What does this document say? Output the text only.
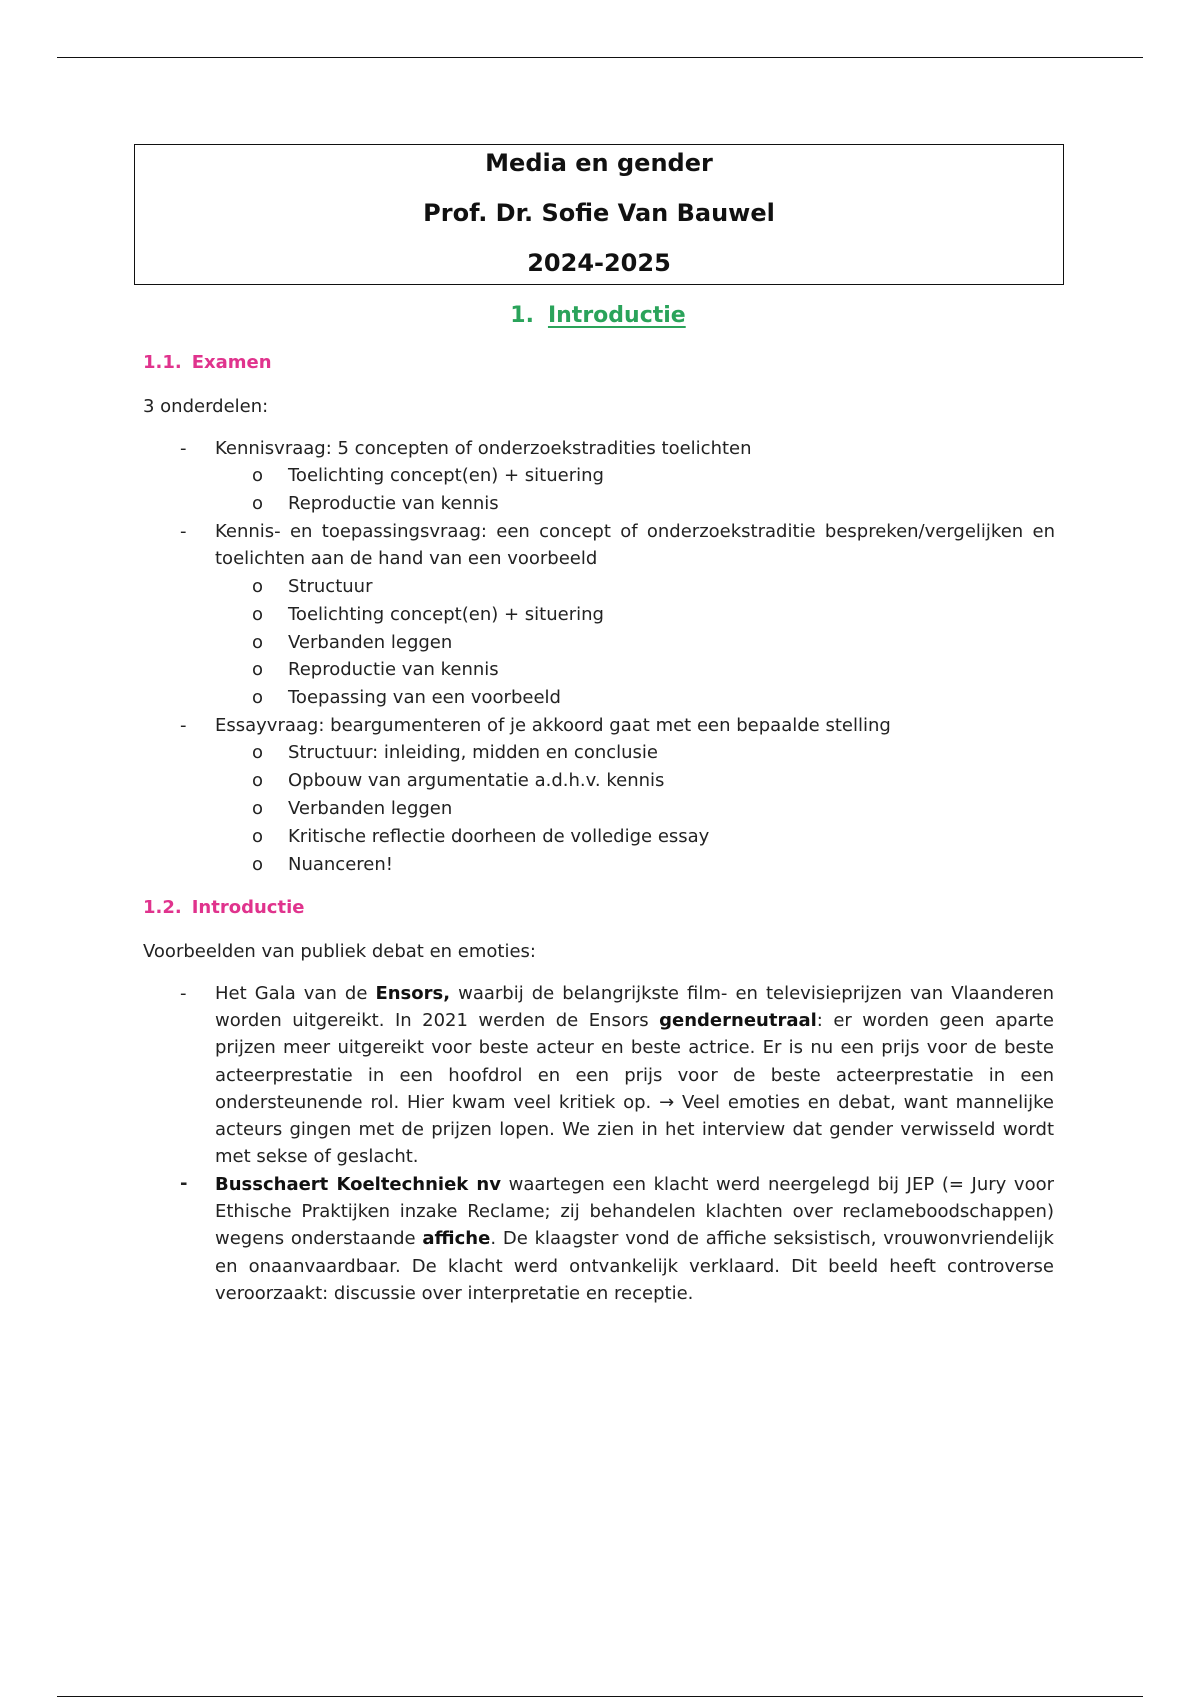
Media en gender
Prof. Dr. Sofie Van Bauwel
2024-2025
1. Introductie
1.1. Examen
3 onderdelen:
- Kennisvraag: 5 concepten of onderzoekstradities toelichten
o Toelichting concept(en) + situering
o Reproductie van kennis
- Kennis- en toepassingsvraag: een concept of onderzoekstraditie bespreken/vergelijken en toelichten aan de hand van een voorbeeld
o Structuur
o Toelichting concept(en) + situering
o Verbanden leggen
o Reproductie van kennis
o Toepassing van een voorbeeld
- Essayvraag: beargumenteren of je akkoord gaat met een bepaalde stelling
o Structuur: inleiding, midden en conclusie
o Opbouw van argumentatie a.d.h.v. kennis
o Verbanden leggen
o Kritische reflectie doorheen de volledige essay
o Nuanceren!
1.2. Introductie
Voorbeelden van publiek debat en emoties:
- Het Gala van de Ensors, waarbij de belangrijkste film- en televisieprijzen van Vlaanderen worden uitgereikt. In 2021 werden de Ensors genderneutraal: er worden geen aparte prijzen meer uitgereikt voor beste acteur en beste actrice. Er is nu een prijs voor de beste acteerprestatie in een hoofdrol en een prijs voor de beste acteerprestatie in een ondersteunende rol. Hier kwam veel kritiek op. → Veel emoties en debat, want mannelijke acteurs gingen met de prijzen lopen. We zien in het interview dat gender verwisseld wordt met sekse of geslacht.
- Busschaert Koeltechniek nv waartegen een klacht werd neergelegd bij JEP (= Jury voor Ethische Praktijken inzake Reclame; zij behandelen klachten over reclameboodschappen) wegens onderstaande affiche. De klaagster vond de affiche seksistisch, vrouwonvriendelijk en onaanvaardbaar. De klacht werd ontvankelijk verklaard. Dit beeld heeft controverse veroorzaakt: discussie over interpretatie en receptie.
